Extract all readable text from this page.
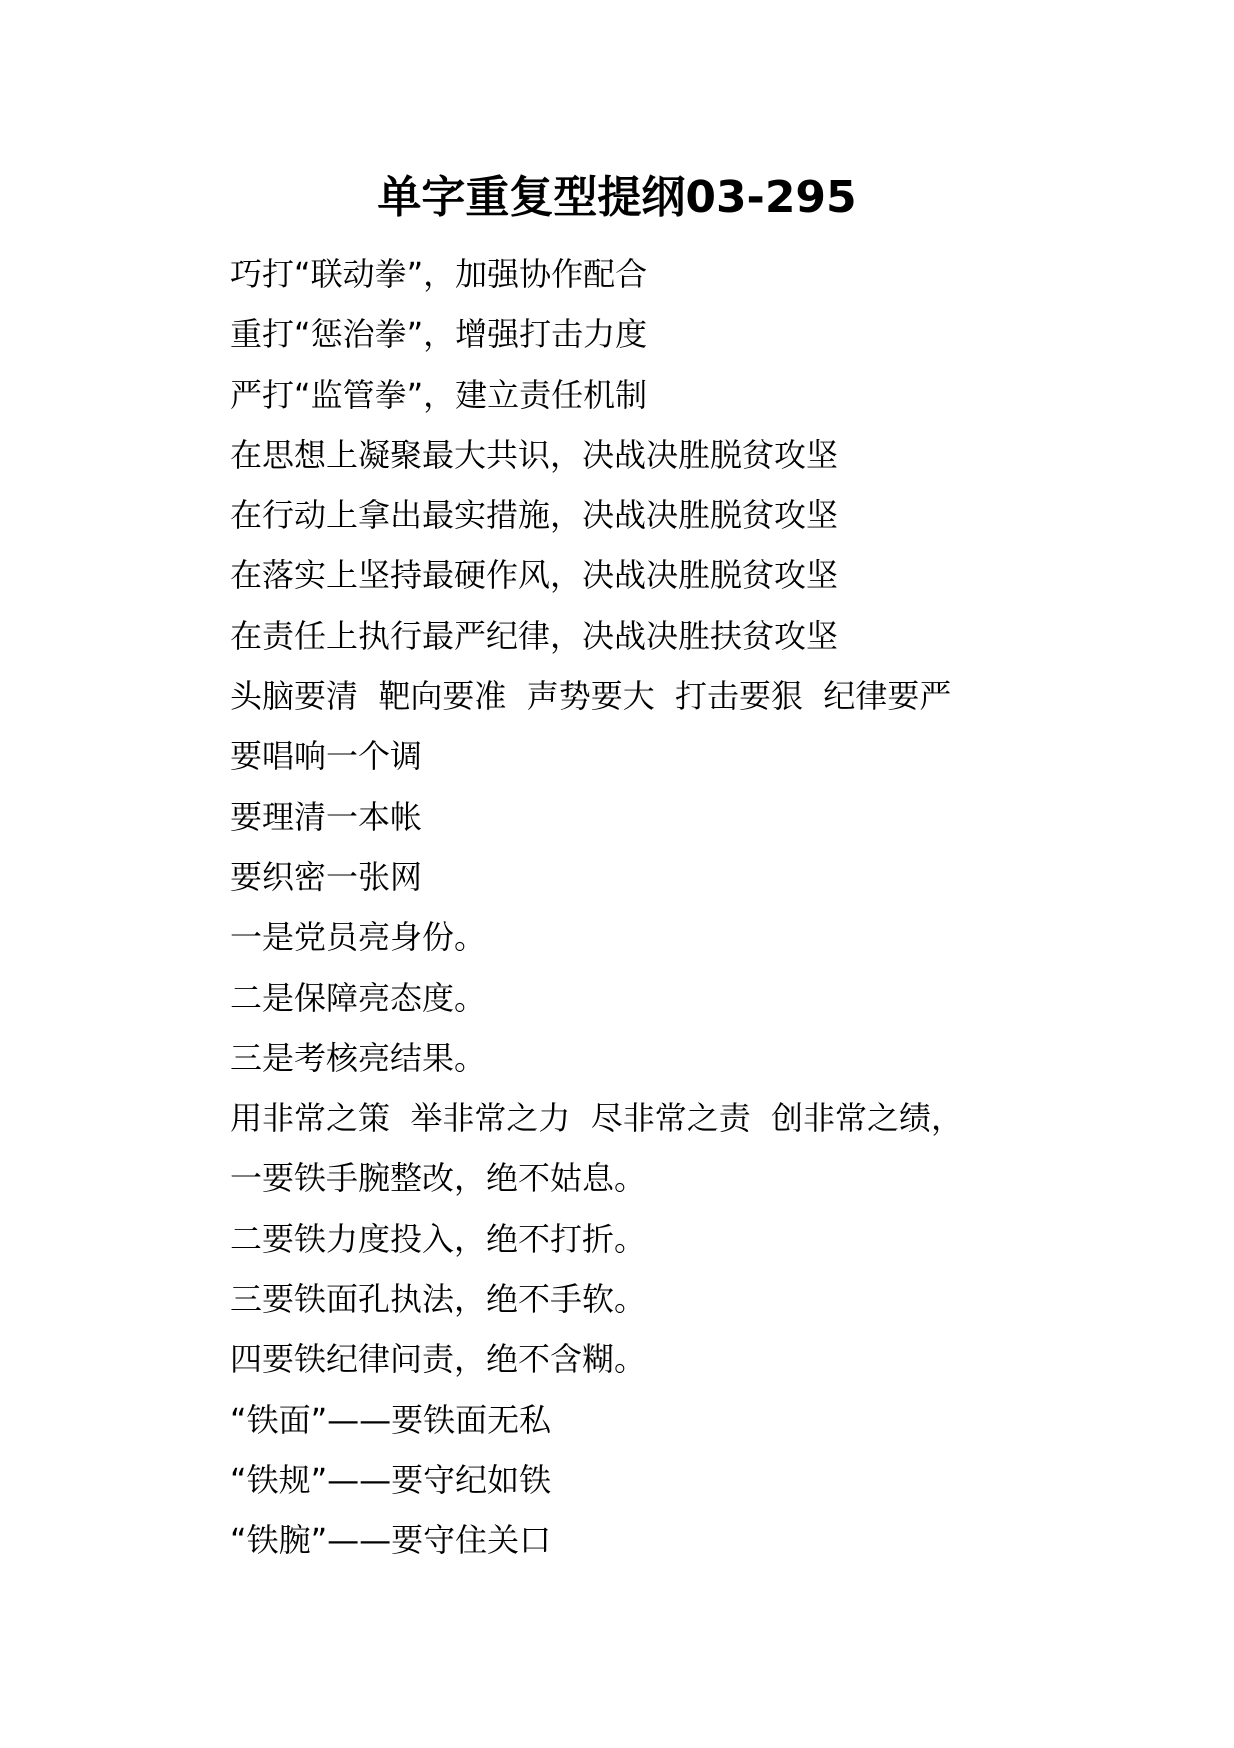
单字重复型提纲03-295
巧打“联动拳”，加强协作配合
重打“惩治拳”，增强打击力度
严打“监管拳”，建立责任机制
在思想上凝聚最大共识，决战决胜脱贫攻坚
在行动上拿出最实措施，决战决胜脱贫攻坚
在落实上坚持最硬作风，决战决胜脱贫攻坚
在责任上执行最严纪律，决战决胜扶贫攻坚
头脑要清  靶向要准  声势要大  打击要狠  纪律要严
要唱响一个调
要理清一本帐
要织密一张网
一是党员亮身份。
二是保障亮态度。
三是考核亮结果。
用非常之策  举非常之力  尽非常之责  创非常之绩，
一要铁手腕整改，绝不姑息。
二要铁力度投入，绝不打折。
三要铁面孔执法，绝不手软。
四要铁纪律问责，绝不含糊。
“铁面”——要铁面无私
“铁规”——要守纪如铁
“铁腕”——要守住关口
